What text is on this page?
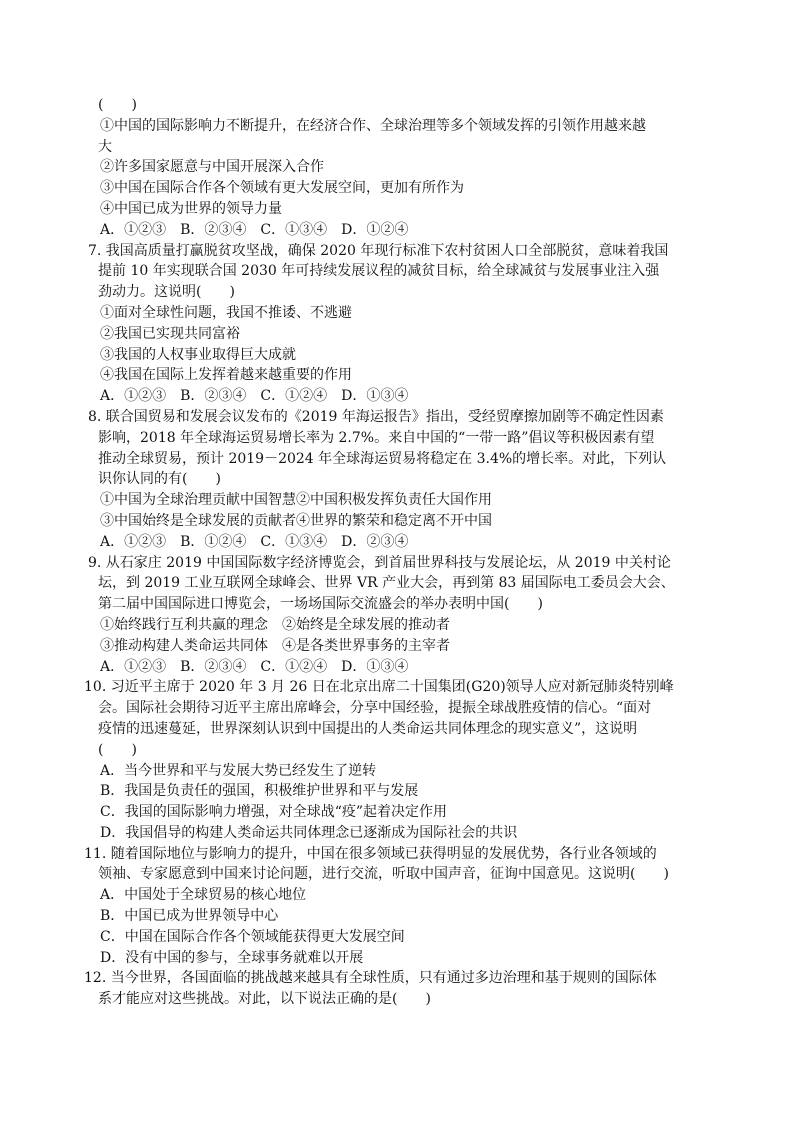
(　　)
①中国的国际影响力不断提升，在经济合作、全球治理等多个领域发挥的引领作用越来越
大
②许多国家愿意与中国开展深入合作
③中国在国际合作各个领域有更大发展空间，更加有所作为
④中国已成为世界的领导力量
A．①②③　B．②③④　C．①③④　D．①②④
7. 我国高质量打赢脱贫攻坚战，确保 2020 年现行标准下农村贫困人口全部脱贫，意味着我国
提前 10 年实现联合国 2030 年可持续发展议程的减贫目标，给全球减贫与发展事业注入强
劲动力。这说明(　　)
①面对全球性问题，我国不推诿、不逃避
②我国已实现共同富裕
③我国的人权事业取得巨大成就
④我国在国际上发挥着越来越重要的作用
A．①②③　B．②③④　C．①②④　D．①③④
8. 联合国贸易和发展会议发布的《2019 年海运报告》指出，受经贸摩擦加剧等不确定性因素
影响，2018 年全球海运贸易增长率为 2.7%。来自中国的“一带一路”倡议等积极因素有望
推动全球贸易，预计 2019－2024 年全球海运贸易将稳定在 3.4%的增长率。对此，下列认
识你认同的有(　　)
①中国为全球治理贡献中国智慧②中国积极发挥负责任大国作用
③中国始终是全球发展的贡献者④世界的繁荣和稳定离不开中国
A．①②③　B．①②④　C．①③④　D．②③④
9. 从石家庄 2019 中国国际数字经济博览会，到首届世界科技与发展论坛，从 2019 中关村论
坛，到 2019 工业互联网全球峰会、世界 VR 产业大会，再到第 83 届国际电工委员会大会、
第二届中国国际进口博览会，一场场国际交流盛会的举办表明中国(　　)
①始终践行互利共赢的理念　②始终是全球发展的推动者
③推动构建人类命运共同体　④是各类世界事务的主宰者
A．①②③　B．②③④　C．①②④　D．①③④
10. 习近平主席于 2020 年 3 月 26 日在北京出席二十国集团(G20)领导人应对新冠肺炎特别峰
会。国际社会期待习近平主席出席峰会，分享中国经验，提振全球战胜疫情的信心。“面对
疫情的迅速蔓延，世界深刻认识到中国提出的人类命运共同体理念的现实意义”，这说明
(　　)
A．当今世界和平与发展大势已经发生了逆转
B．我国是负责任的强国，积极维护世界和平与发展
C．我国的国际影响力增强，对全球战“疫”起着决定作用
D．我国倡导的构建人类命运共同体理念已逐渐成为国际社会的共识
11. 随着国际地位与影响力的提升，中国在很多领域已获得明显的发展优势，各行业各领域的
领袖、专家愿意到中国来讨论问题，进行交流，听取中国声音，征询中国意见。这说明(　　)
A．中国处于全球贸易的核心地位
B．中国已成为世界领导中心
C．中国在国际合作各个领域能获得更大发展空间
D．没有中国的参与，全球事务就难以开展
12. 当今世界，各国面临的挑战越来越具有全球性质，只有通过多边治理和基于规则的国际体
系才能应对这些挑战。对此，以下说法正确的是(　　)
